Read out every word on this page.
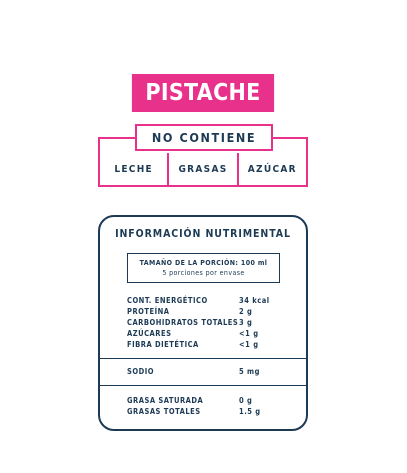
PISTACHE
NO CONTIENE
LECHE	GRASAS	AZÚCAR
INFORMACIÓN NUTRIMENTAL
TAMAÑO DE LA PORCIÓN: 100 ml
5 porciones por envase
CONT. ENERGÉTICO	34 kcal
PROTEÍNA	2 g
CARBOHIDRATOS TOTALES 3 g
AZÚCARES	<1 g
FIBRA DIETÉTICA	<1 g
SODIO	5 mg
GRASA SATURADA	0 g
GRASAS TOTALES	1.5 g
